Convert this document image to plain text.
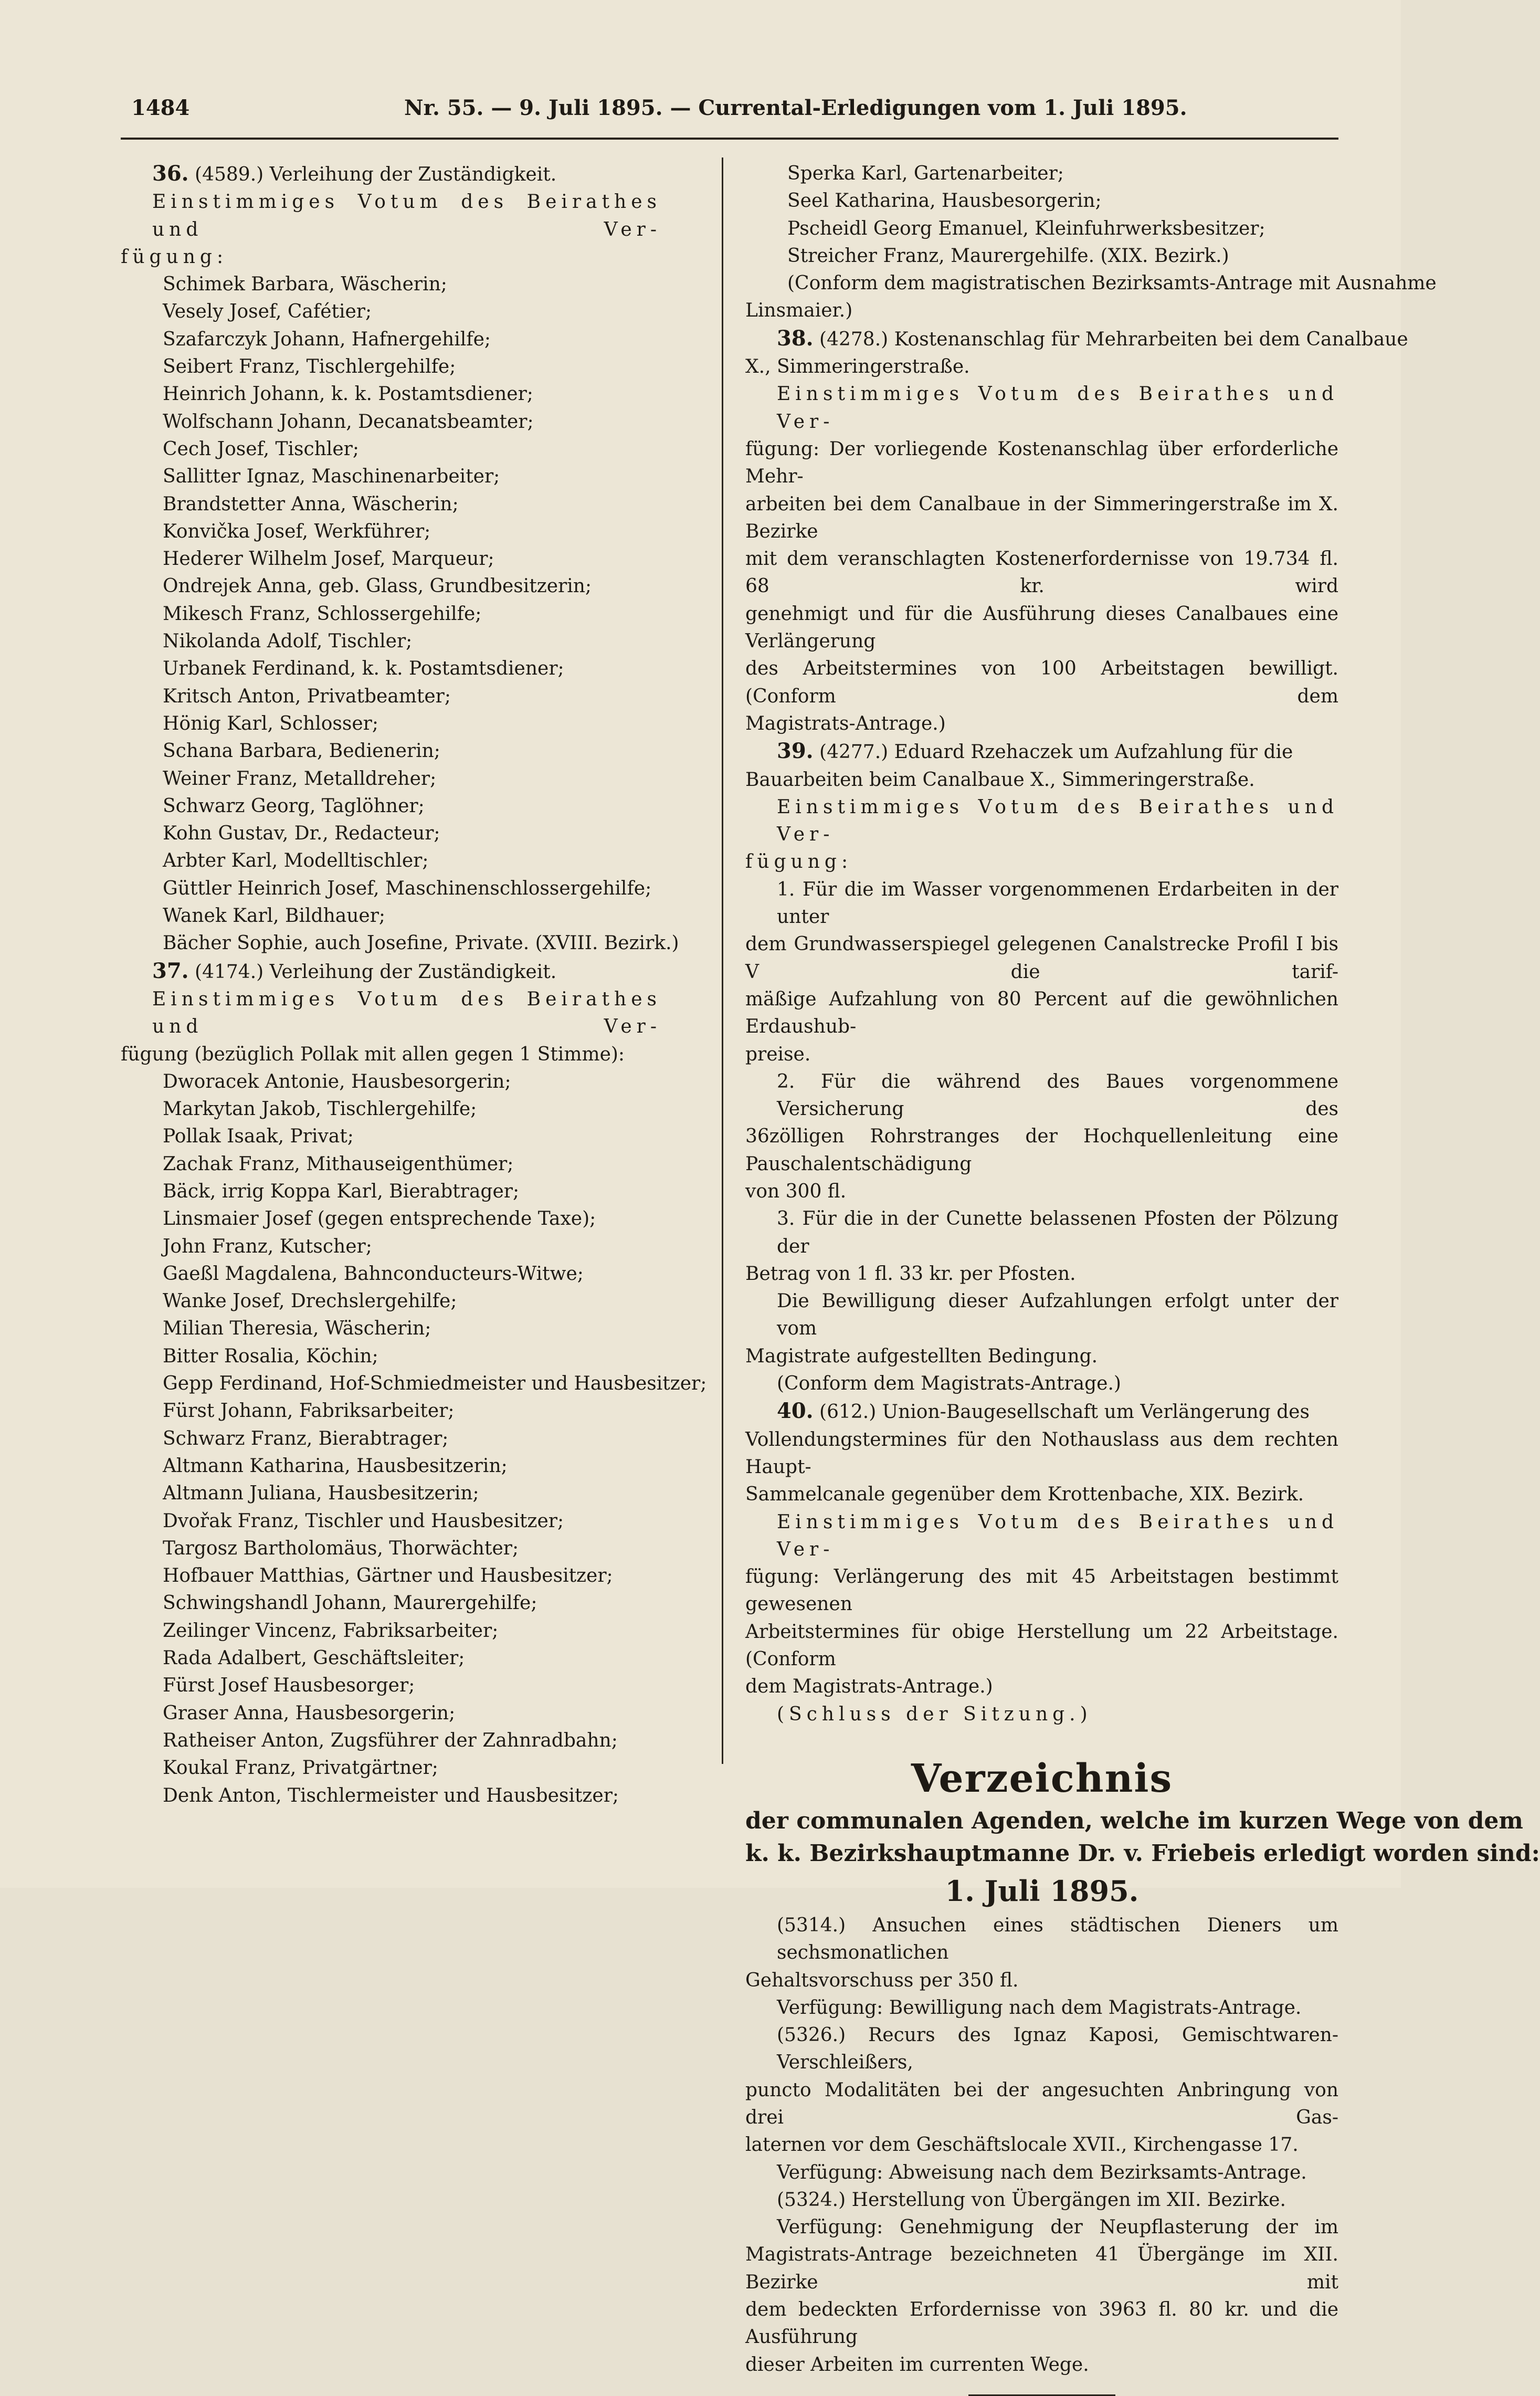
1484	Nr. 55. — 9. Juli 1895. — Currental-Erledigungen vom 1. Juli 1895.
36. (4589.) Verleihung der Zuständigkeit.
Einstimmiges Votum des Beirathes und Ver-
fügung:
Schimek Barbara, Wäscherin;
Vesely Josef, Cafétier;
Szafarczyk Johann, Hafnergehilfe;
Seibert Franz, Tischlergehilfe;
Heinrich Johann, k. k. Postamtsdiener;
Wolfschann Johann, Decanatsbeamter;
Cech Josef, Tischler;
Sallitter Ignaz, Maschinenarbeiter;
Brandstetter Anna, Wäscherin;
Konvička Josef, Werkführer;
Hederer Wilhelm Josef, Marqueur;
Ondrejek Anna, geb. Glass, Grundbesitzerin;
Mikesch Franz, Schlossergehilfe;
Nikolanda Adolf, Tischler;
Urbanek Ferdinand, k. k. Postamtsdiener;
Kritsch Anton, Privatbeamter;
Hönig Karl, Schlosser;
Schana Barbara, Bedienerin;
Weiner Franz, Metalldreher;
Schwarz Georg, Taglöhner;
Kohn Gustav, Dr., Redacteur;
Arbter Karl, Modelltischler;
Güttler Heinrich Josef, Maschinenschlossergehilfe;
Wanek Karl, Bildhauer;
Bächer Sophie, auch Josefine, Private. (XVIII. Bezirk.)
37. (4174.) Verleihung der Zuständigkeit.
Einstimmiges Votum des Beirathes und Ver-
fügung (bezüglich Pollak mit allen gegen 1 Stimme):
Dworacek Antonie, Hausbesorgerin;
Markytan Jakob, Tischlergehilfe;
Pollak Isaak, Privat;
Zachak Franz, Mithauseigenthümer;
Bäck, irrig Koppa Karl, Bierabtrager;
Linsmaier Josef (gegen entsprechende Taxe);
John Franz, Kutscher;
Gaeßl Magdalena, Bahnconducteurs-Witwe;
Wanke Josef, Drechslergehilfe;
Milian Theresia, Wäscherin;
Bitter Rosalia, Köchin;
Gepp Ferdinand, Hof-Schmiedmeister und Hausbesitzer;
Fürst Johann, Fabriksarbeiter;
Schwarz Franz, Bierabtrager;
Altmann Katharina, Hausbesitzerin;
Altmann Juliana, Hausbesitzerin;
Dvořak Franz, Tischler und Hausbesitzer;
Targosz Bartholomäus, Thorwächter;
Hofbauer Matthias, Gärtner und Hausbesitzer;
Schwingshandl Johann, Maurergehilfe;
Zeilinger Vincenz, Fabriksarbeiter;
Rada Adalbert, Geschäftsleiter;
Fürst Josef Hausbesorger;
Graser Anna, Hausbesorgerin;
Ratheiser Anton, Zugsführer der Zahnradbahn;
Koukal Franz, Privatgärtner;
Denk Anton, Tischlermeister und Hausbesitzer;
Sperka Karl, Gartenarbeiter;
Seel Katharina, Hausbesorgerin;
Pscheidl Georg Emanuel, Kleinfuhrwerksbesitzer;
Streicher Franz, Maurergehilfe. (XIX. Bezirk.)
(Conform dem magistratischen Bezirksamts-Antrage mit Ausnahme
Linsmaier.)
38. (4278.) Kostenanschlag für Mehrarbeiten bei dem Canalbaue
X., Simmeringerstraße.
Einstimmiges Votum des Beirathes und Ver-
fügung: Der vorliegende Kostenanschlag über erforderliche Mehr-
arbeiten bei dem Canalbaue in der Simmeringerstraße im X. Bezirke
mit dem veranschlagten Kostenerfordernisse von 19.734 fl. 68 kr. wird
genehmigt und für die Ausführung dieses Canalbaues eine Verlängerung
des Arbeitstermines von 100 Arbeitstagen bewilligt. (Conform dem
Magistrats-Antrage.)
39. (4277.) Eduard Rzehaczek um Aufzahlung für die
Bauarbeiten beim Canalbaue X., Simmeringerstraße.
Einstimmiges Votum des Beirathes und Ver-
fügung:
1. Für die im Wasser vorgenommenen Erdarbeiten in der unter
dem Grundwasserspiegel gelegenen Canalstrecke Profil I bis V die tarif-
mäßige Aufzahlung von 80 Percent auf die gewöhnlichen Erdaushub-
preise.
2. Für die während des Baues vorgenommene Versicherung des
36zölligen Rohrstranges der Hochquellenleitung eine Pauschalentschädigung
von 300 fl.
3. Für die in der Cunette belassenen Pfosten der Pölzung der
Betrag von 1 fl. 33 kr. per Pfosten.
Die Bewilligung dieser Aufzahlungen erfolgt unter der vom
Magistrate aufgestellten Bedingung.
(Conform dem Magistrats-Antrage.)
40. (612.) Union-Baugesellschaft um Verlängerung des
Vollendungstermines für den Nothauslass aus dem rechten Haupt-
Sammelcanale gegenüber dem Krottenbache, XIX. Bezirk.
Einstimmiges Votum des Beirathes und Ver-
fügung: Verlängerung des mit 45 Arbeitstagen bestimmt gewesenen
Arbeitstermines für obige Herstellung um 22 Arbeitstage. (Conform
dem Magistrats-Antrage.)
(Schluss der Sitzung.)
Verzeichnis
der communalen Agenden, welche im kurzen Wege von dem
k. k. Bezirkshauptmanne Dr. v. Friebeis erledigt worden sind:
1. Juli 1895.
(5314.) Ansuchen eines städtischen Dieners um sechsmonatlichen
Gehaltsvorschuss per 350 fl.
Verfügung: Bewilligung nach dem Magistrats-Antrage.
(5326.) Recurs des Ignaz Kaposi, Gemischtwaren-Verschleißers,
puncto Modalitäten bei der angesuchten Anbringung von drei Gas-
laternen vor dem Geschäftslocale XVII., Kirchengasse 17.
Verfügung: Abweisung nach dem Bezirksamts-Antrage.
(5324.) Herstellung von Übergängen im XII. Bezirke.
Verfügung: Genehmigung der Neupflasterung der im
Magistrats-Antrage bezeichneten 41 Übergänge im XII. Bezirke mit
dem bedeckten Erfordernisse von 3963 fl. 80 kr. und die Ausführung
dieser Arbeiten im currenten Wege.
